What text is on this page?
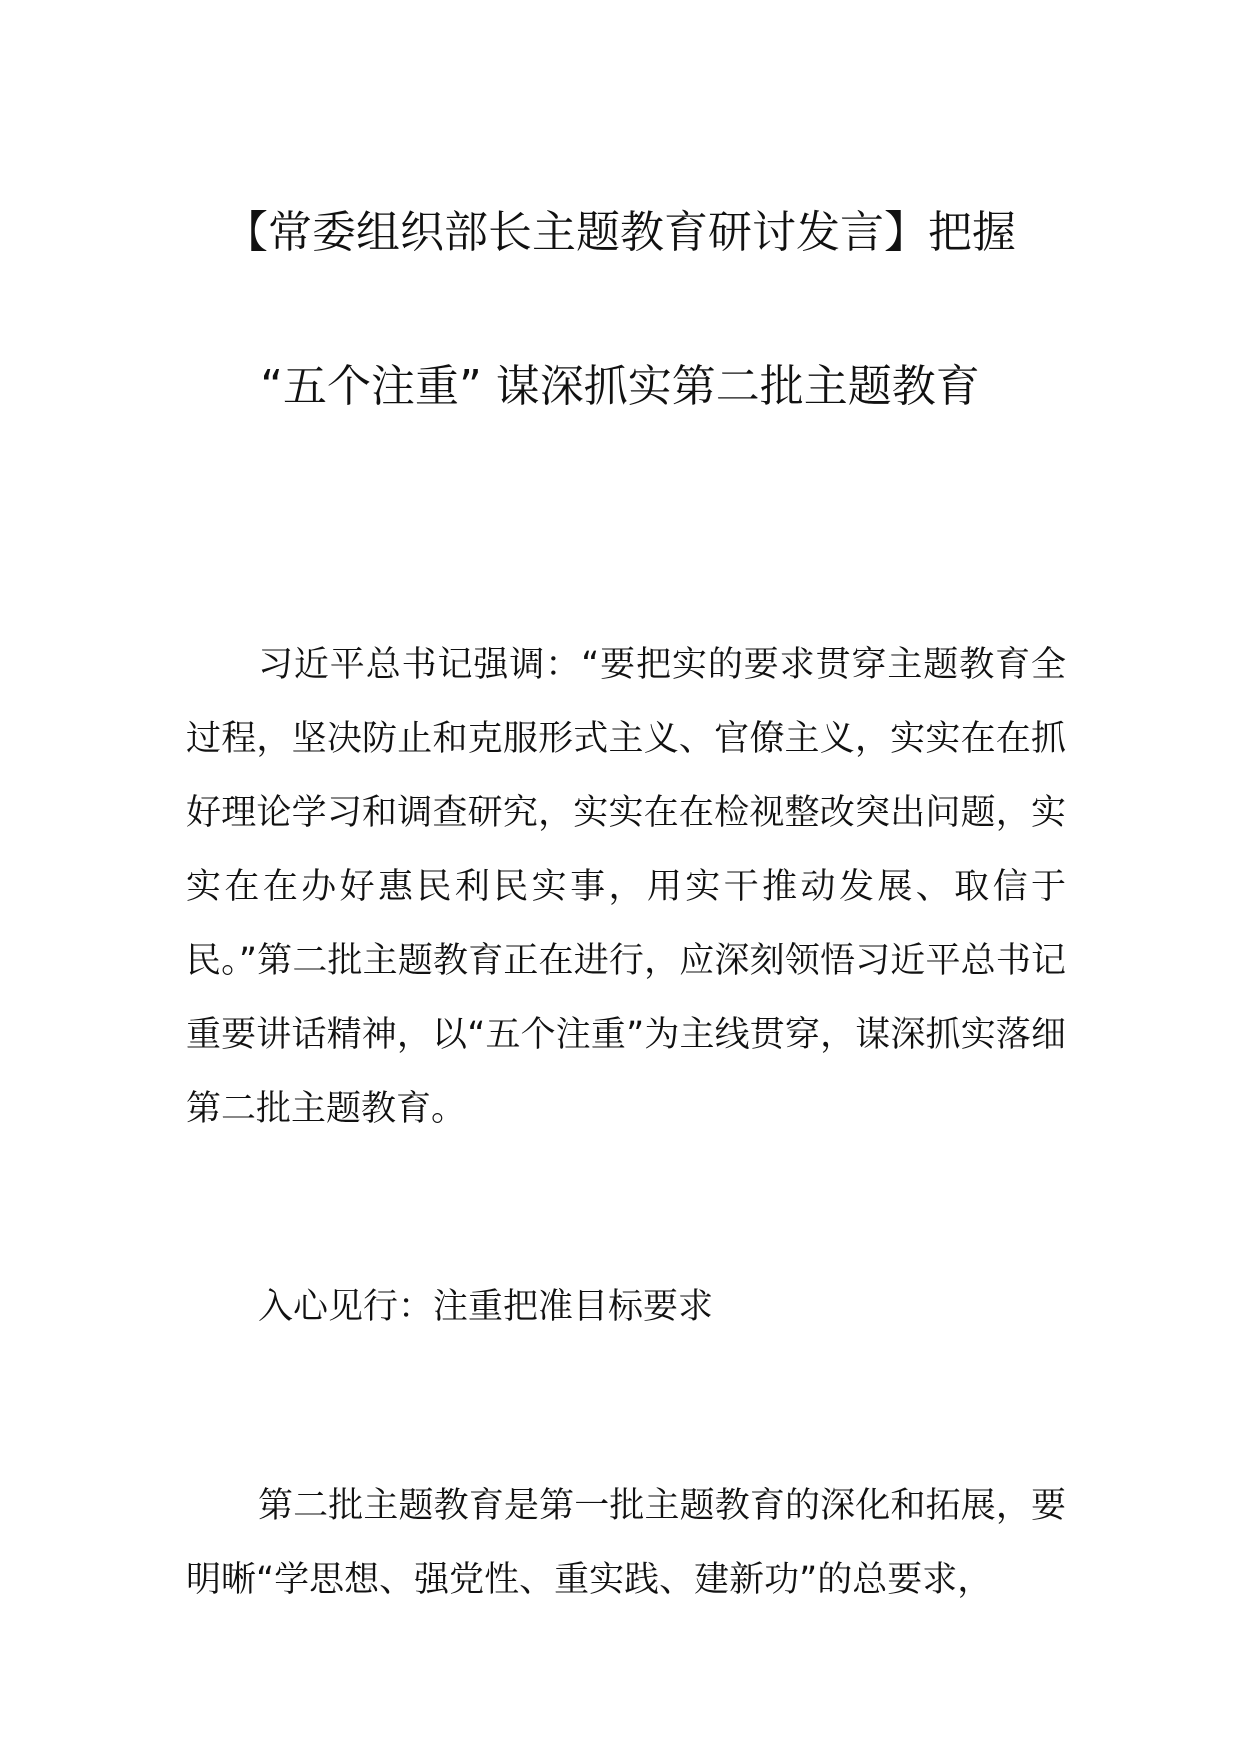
【常委组织部长主题教育研讨发言】把握
“五个注重” 谋深抓实第二批主题教育

习近平总书记强调：“要把实的要求贯穿主题教育全过程，坚决防止和克服形式主义、官僚主义，实实在在抓好理论学习和调查研究，实实在在检视整改突出问题，实实在在办好惠民利民实事，用实干推动发展、取信于民。”第二批主题教育正在进行，应深刻领悟习近平总书记重要讲话精神，以“五个注重”为主线贯穿，谋深抓实落细第二批主题教育。

入心见行：注重把准目标要求

第二批主题教育是第一批主题教育的深化和拓展，要明晰“学思想、强党性、重实践、建新功”的总要求，
